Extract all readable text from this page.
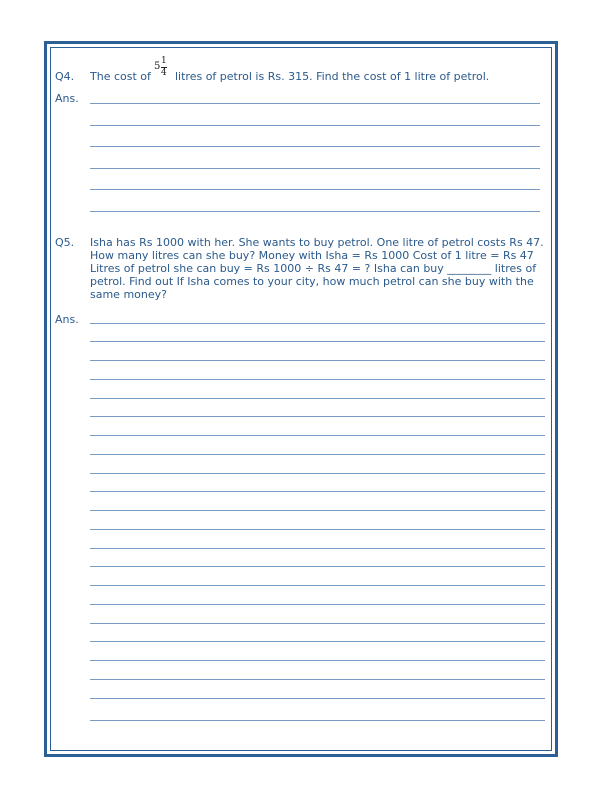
Q4. The cost of
5 1
4 litres of petrol is Rs. 315. Find the cost of 1 litre of petrol.
Ans.
Q5. Isha has Rs 1000 with her. She wants to buy petrol. One litre of petrol costs Rs 47.
How many litres can she buy? Money with Isha = Rs 1000 Cost of 1 litre = Rs 47
Litres of petrol she can buy = Rs 1000 ÷ Rs 47 = ? Isha can buy ________ litres of
petrol. Find out If Isha comes to your city, how much petrol can she buy with the
same money?
Ans.
